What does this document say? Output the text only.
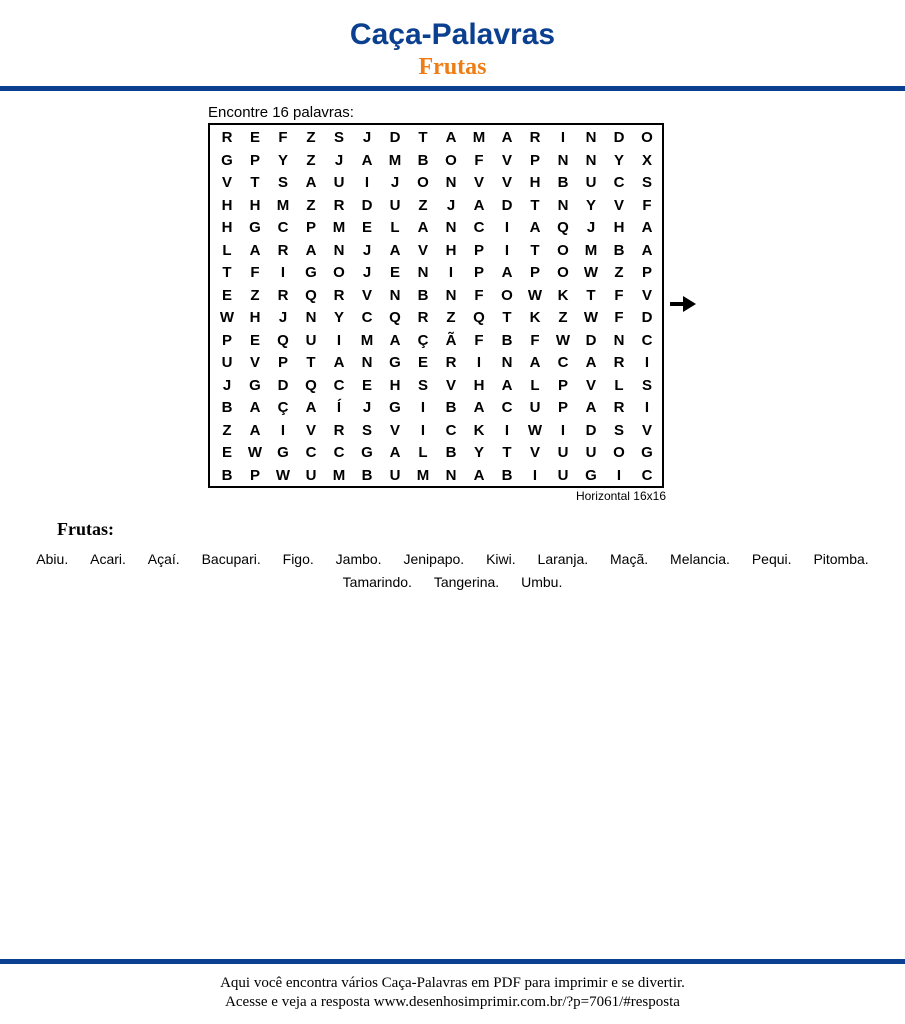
Caça-Palavras
Frutas
Encontre 16 palavras:
R	E	F	Z	S	J	D	T	A	M	A	R	I	N	D	O
G	P	Y	Z	J	A	M	B	O	F	V	P	N	N	Y	X
V	T	S	A	U	I	J	O	N	V	V	H	B	U	C	S
H	H	M	Z	R	D	U	Z	J	A	D	T	N	Y	V	F
H	G	C	P	M	E	L	A	N	C	I	A	Q	J	H	A
L	A	R	A	N	J	A	V	H	P	I	T	O	M	B	A
T	F	I	G	O	J	E	N	I	P	A	P	O	W	Z	P
E	Z	R	Q	R	V	N	B	N	F	O	W	K	T	F	V
W	H	J	N	Y	C	Q	R	Z	Q	T	K	Z	W	F	D
P	E	Q	U	I	M	A	Ç	Ã	F	B	F	W	D	N	C
U	V	P	T	A	N	G	E	R	I	N	A	C	A	R	I
J	G	D	Q	C	E	H	S	V	H	A	L	P	V	L	S
B	A	Ç	A	Í	J	G	I	B	A	C	U	P	A	R	I
Z	A	I	V	R	S	V	I	C	K	I	W	I	D	S	V
E	W	G	C	C	G	A	L	B	Y	T	V	U	U	O	G
B	P	W	U	M	B	U	M	N	A	B	I	U	G	I	C
Horizontal 16x16
Frutas:
Abiu. Acari. Açaí. Bacupari. Figo. Jambo. Jenipapo. Kiwi. Laranja. Maçã. Melancia. Pequi. Pitomba. Tamarindo. Tangerina. Umbu.
Aqui você encontra vários Caça-Palavras em PDF para imprimir e se divertir.
Acesse e veja a resposta www.desenhosimprimir.com.br/?p=7061/#resposta
